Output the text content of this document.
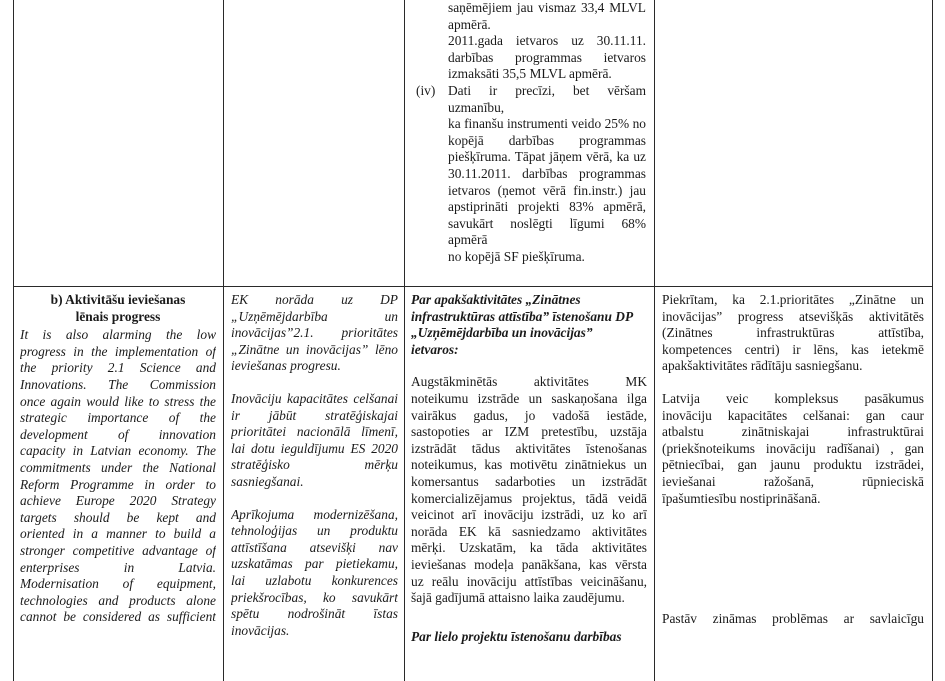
saņēmējiem jau vismaz 33,4 MLVL
apmērā.
2011.gada ietvaros uz 30.11.11.
darbības programmas ietvaros
izmaksāti 35,5 MLVL apmērā.
(iv) Dati ir precīzi, bet vēršam uzmanību,
ka finanšu instrumenti veido 25% no
kopējā darbības programmas
piešķīruma. Tāpat jāņem vērā, ka uz
30.11.2011. darbības programmas
ietvaros (ņemot vērā fin.instr.) jau
apstiprināti projekti 83% apmērā,
savukārt noslēgti līgumi 68% apmērā
no kopējā SF piešķīruma.
b) Aktivitāšu ieviešanas
lēnais progress
It is also alarming the low
progress in the implementation of
the priority 2.1 Science and
Innovations. The Commission
once again would like to stress the
strategic importance of the
development of innovation
capacity in Latvian economy. The
commitments under the National
Reform Programme in order to
achieve Europe 2020 Strategy
targets should be kept and
oriented in a manner to build a
stronger competitive advantage of
enterprises in Latvia.
Modernisation of equipment,
technologies and products alone
cannot be considered as sufficient
EK norāda uz DP
„Uzņēmējdarbība un
inovācijas”2.1. prioritātes
„Zinātne un inovācijas” lēno
ieviešanas progresu.
Inovāciju kapacitātes celšanai
ir jābūt stratēģiskajai
prioritātei nacionālā līmenī,
lai dotu ieguldījumu ES 2020
stratēģisko mērķu
sasniegšanai.
Aprīkojuma modernizēšana,
tehnoloģijas un produktu
attīstīšana atsevišķi nav
uzskatāmas par pietiekamu,
lai uzlabotu konkurences
priekšrocības, ko savukārt
spētu nodrošināt īstas
inovācijas.
Par apakšaktivitātes „Zinātnes
infrastruktūras attīstība” īstenošanu DP
„Uzņēmējdarbība un inovācijas”
ietvaros:
Augstākminētās aktivitātes MK
noteikumu izstrāde un saskaņošana ilga
vairākus gadus, jo vadošā iestāde,
sastopoties ar IZM pretestību, uzstāja
izstrādāt tādus aktivitātes īstenošanas
noteikumus, kas motivētu zinātniekus un
komersantus sadarboties un izstrādāt
komercializējamus projektus, tādā veidā
veicinot arī inovāciju izstrādi, uz ko arī
norāda EK kā sasniedzamo aktivitātes
mērķi. Uzskatām, ka tāda aktivitātes
ieviešanas modeļa panākšana, kas vērsta
uz reālu inovāciju attīstības veicināšanu,
šajā gadījumā attaisno laika zaudējumu.
Par lielo projektu īstenošanu darbības
Piekrītam, ka 2.1.prioritātes „Zinātne un
inovācijas” progress atsevišķās aktivitātēs
(Zinātnes infrastruktūras attīstība,
kompetences centri) ir lēns, kas ietekmē
apakšaktivitātes rādītāju sasniegšanu.
Latvija veic kompleksus pasākumus
inovāciju kapacitātes celšanai: gan caur
atbalstu zinātniskajai infrastruktūrai
(priekšnoteikums inovāciju radīšanai) , gan
pētniecībai, gan jaunu produktu izstrādei,
ieviešanai ražošanā, rūpnieciskā
īpašumtiesību nostiprināšanā.
Pastāv zināmas problēmas ar savlaicīgu
